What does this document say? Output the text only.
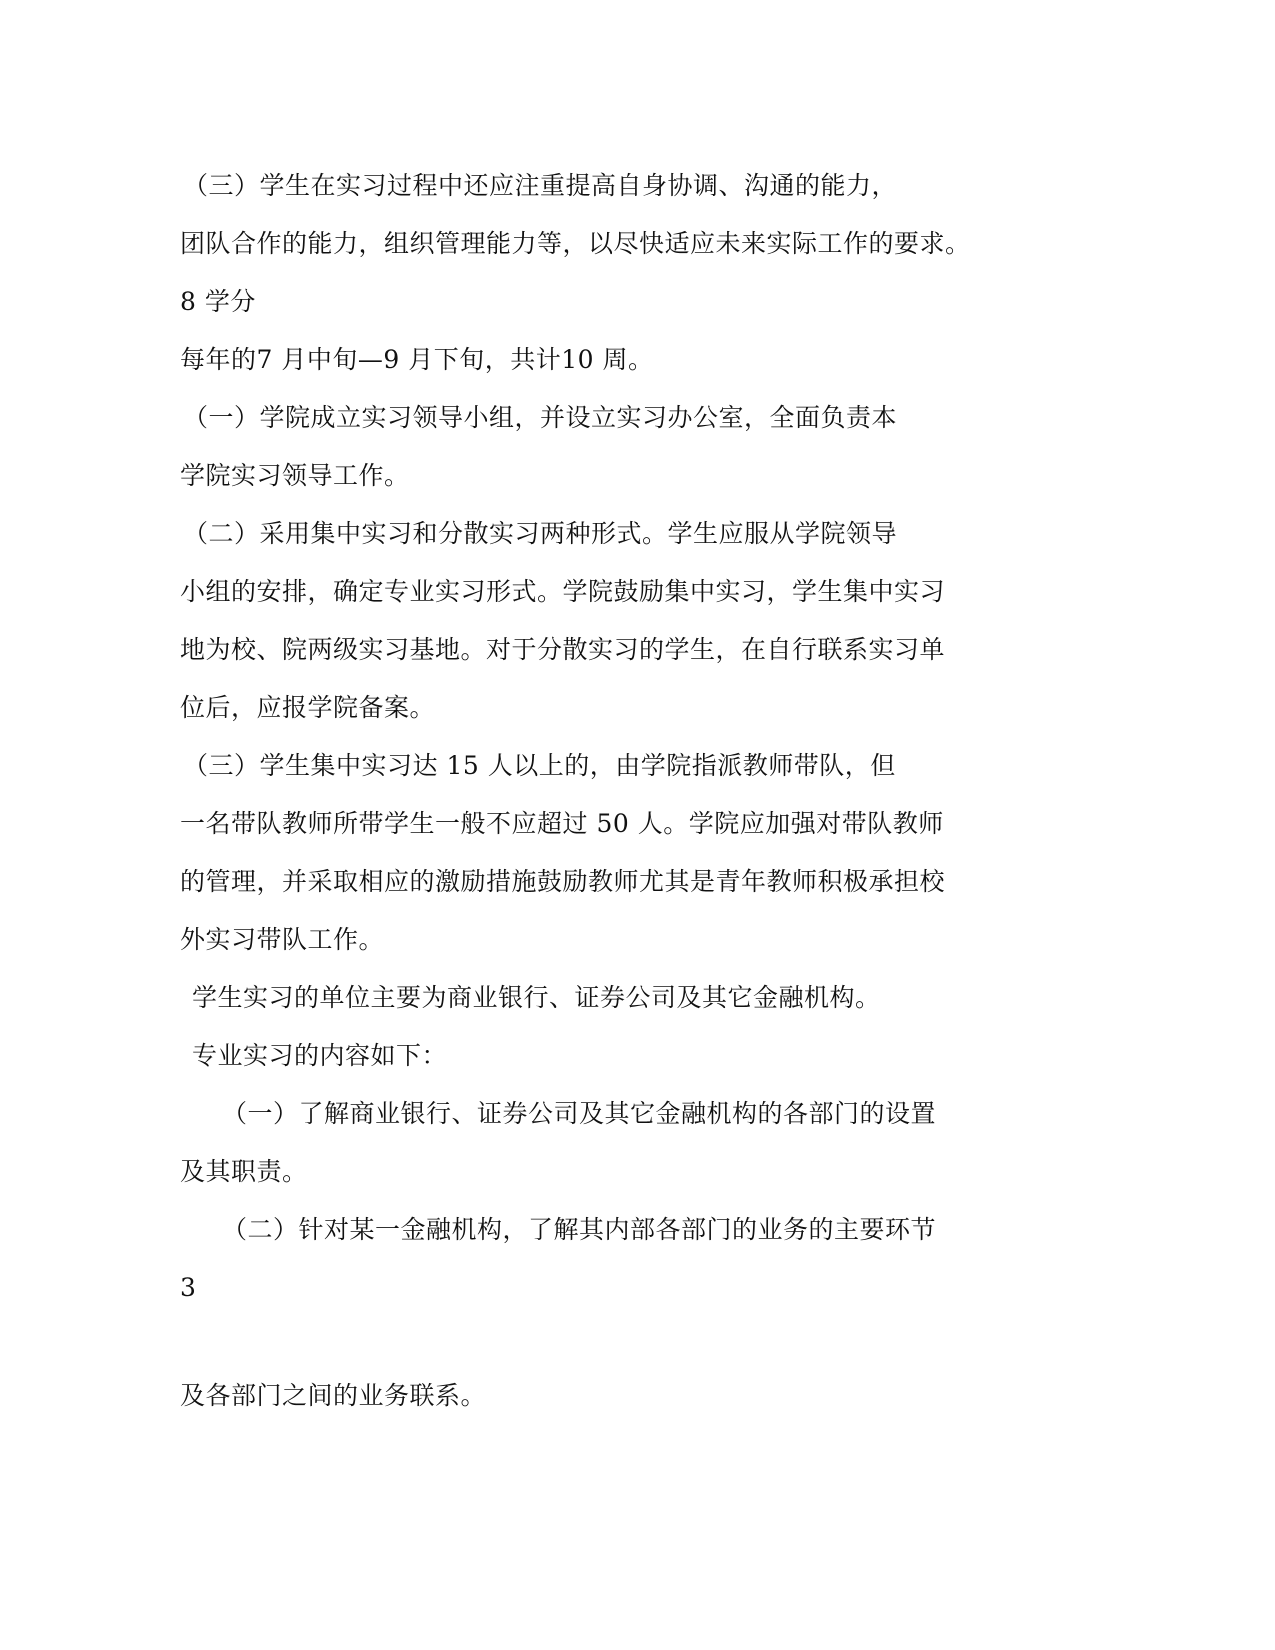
（三）学生在实习过程中还应注重提高自身协调、沟通的能力，
团队合作的能力，组织管理能力等，以尽快适应未来实际工作的要求。
8 学分
每年的7 月中旬—9 月下旬，共计10 周。
（一）学院成立实习领导小组，并设立实习办公室，全面负责本
学院实习领导工作。
（二）采用集中实习和分散实习两种形式。学生应服从学院领导
小组的安排，确定专业实习形式。学院鼓励集中实习，学生集中实习
地为校、院两级实习基地。对于分散实习的学生，在自行联系实习单
位后，应报学院备案。
（三）学生集中实习达 15 人以上的，由学院指派教师带队，但
一名带队教师所带学生一般不应超过 50 人。学院应加强对带队教师
的管理，并采取相应的激励措施鼓励教师尤其是青年教师积极承担校
外实习带队工作。
学生实习的单位主要为商业银行、证券公司及其它金融机构。
专业实习的内容如下：
（一）了解商业银行、证券公司及其它金融机构的各部门的设置
及其职责。
（二）针对某一金融机构，了解其内部各部门的业务的主要环节
3
及各部门之间的业务联系。
